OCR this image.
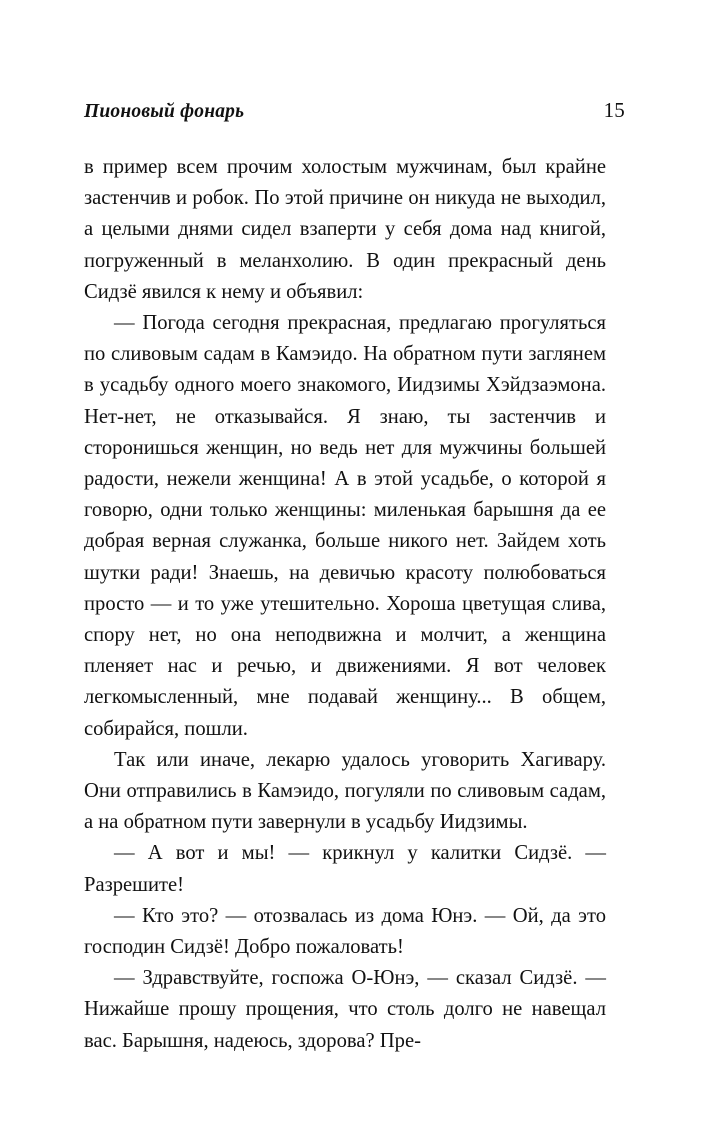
Пионовый фонарь	15

в пример всем прочим холостым мужчинам, был крайне застенчив и робок. По этой причине он никуда не выходил, а целыми днями сидел взаперти у себя дома над книгой, погруженный в меланхолию. В один прекрасный день Сидзё явился к нему и объявил:

— Погода сегодня прекрасная, предлагаю прогуляться по сливовым садам в Камэидо. На обратном пути заглянем в усадьбу одного моего знакомого, Иидзимы Хэйдзаэмона. Нет-нет, не отказывайся. Я знаю, ты застенчив и сторонишься женщин, но ведь нет для мужчины большей радости, нежели женщина! А в этой усадьбе, о которой я говорю, одни только женщины: миленькая барышня да ее добрая верная служанка, больше никого нет. Зайдем хоть шутки ради! Знаешь, на девичью красоту полюбоваться просто — и то уже утешительно. Хороша цветущая слива, спору нет, но она неподвижна и молчит, а женщина пленяет нас и речью, и движениями. Я вот человек легкомысленный, мне подавай женщину... В общем, собирайся, пошли.

Так или иначе, лекарю удалось уговорить Хагивару. Они отправились в Камэидо, погуляли по сливовым садам, а на обратном пути завернули в усадьбу Иидзимы.

— А вот и мы! — крикнул у калитки Сидзё. — Разрешите!

— Кто это? — отозвалась из дома Юнэ. — Ой, да это господин Сидзё! Добро пожаловать!

— Здравствуйте, госпожа О-Юнэ, — сказал Сидзё. — Нижайше прошу прощения, что столь долго не навещал вас. Барышня, надеюсь, здорова? Пре-
